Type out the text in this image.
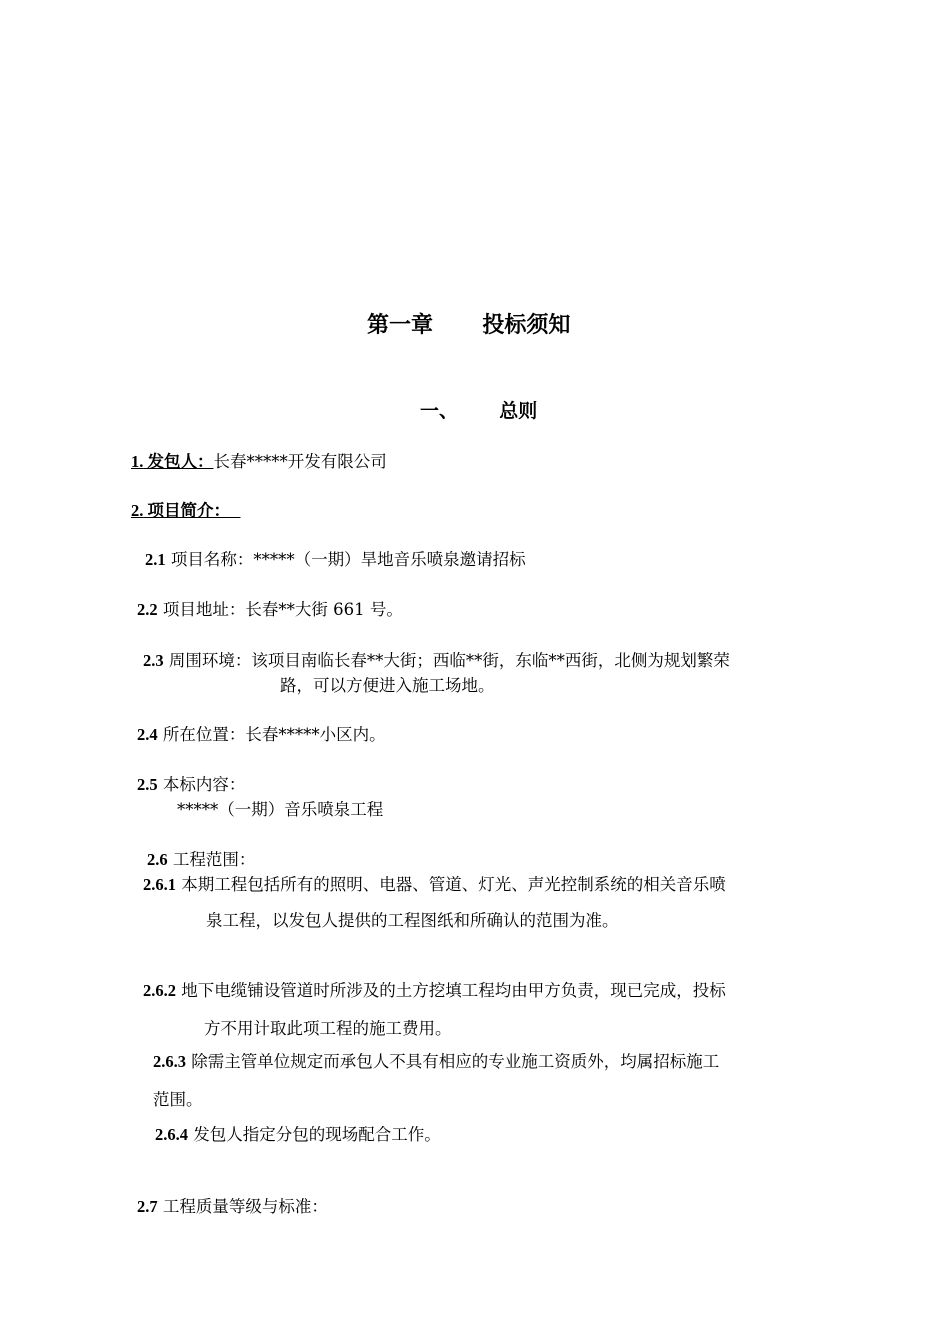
第一章 投标须知
一、 总则
1. 发包人：长春*****开发有限公司
2. 项目简介：
2.1 项目名称：*****（一期）旱地音乐喷泉邀请招标
2.2 项目地址：长春**大街 661 号。
2.3 周围环境：该项目南临长春**大街；西临**街，东临**西街，北侧为规划繁荣
路，可以方便进入施工场地。
2.4 所在位置：长春*****小区内。
2.5 本标内容：
*****（一期）音乐喷泉工程
2.6 工程范围：
2.6.1 本期工程包括所有的照明、电器、管道、灯光、声光控制系统的相关音乐喷
泉工程，以发包人提供的工程图纸和所确认的范围为准。
2.6.2 地下电缆铺设管道时所涉及的土方挖填工程均由甲方负责，现已完成，投标
方不用计取此项工程的施工费用。
2.6.3 除需主管单位规定而承包人不具有相应的专业施工资质外，均属招标施工
范围。
2.6.4 发包人指定分包的现场配合工作。
2.7 工程质量等级与标准：
